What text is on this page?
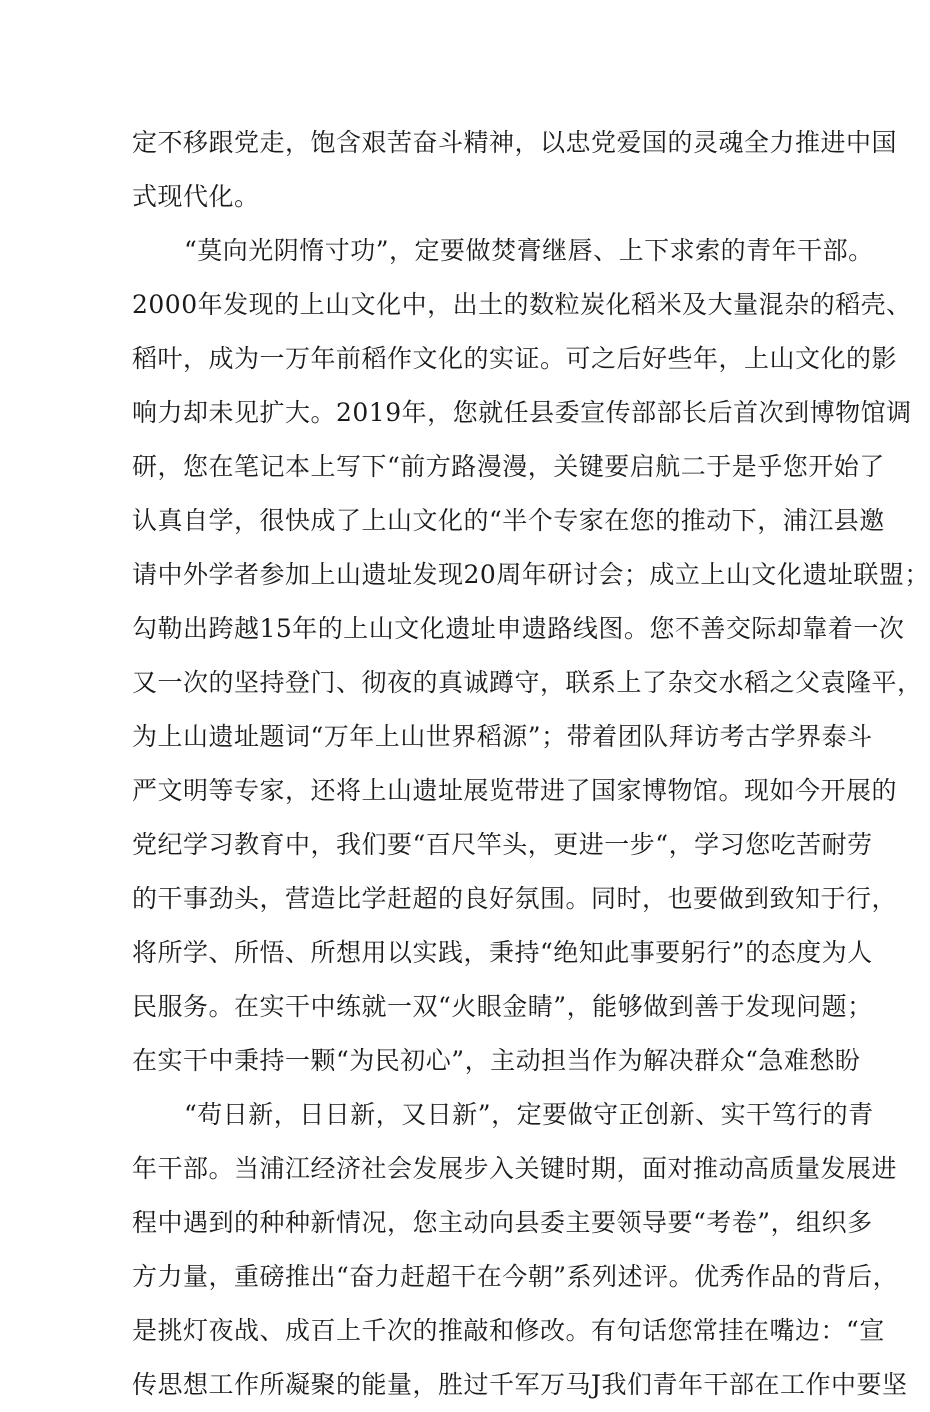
定不移跟党走，饱含艰苦奋斗精神，以忠党爱国的灵魂全力推进中国
式现代化。
“莫向光阴惰寸功”，定要做焚膏继唇、上下求索的青年干部。
2000年发现的上山文化中，出土的数粒炭化稻米及大量混杂的稻壳、
稻叶，成为一万年前稻作文化的实证。可之后好些年，上山文化的影
响力却未见扩大。2019年，您就任县委宣传部部长后首次到博物馆调
研，您在笔记本上写下“前方路漫漫，关键要启航二于是乎您开始了
认真自学，很快成了上山文化的“半个专家在您的推动下，浦江县邀
请中外学者参加上山遗址发现20周年研讨会；成立上山文化遗址联盟；
勾勒出跨越15年的上山文化遗址申遗路线图。您不善交际却靠着一次
又一次的坚持登门、彻夜的真诚蹲守，联系上了杂交水稻之父袁隆平，
为上山遗址题词“万年上山世界稻源”；带着团队拜访考古学界泰斗
严文明等专家，还将上山遗址展览带进了国家博物馆。现如今开展的
党纪学习教育中，我们要“百尺竿头，更进一步“，学习您吃苦耐劳
的干事劲头，营造比学赶超的良好氛围。同时，也要做到致知于行，
将所学、所悟、所想用以实践，秉持“绝知此事要躬行”的态度为人
民服务。在实干中练就一双“火眼金睛”，能够做到善于发现问题；
在实干中秉持一颗“为民初心”，主动担当作为解决群众“急难愁盼
“苟日新，日日新，又日新”，定要做守正创新、实干笃行的青
年干部。当浦江经济社会发展步入关键时期，面对推动高质量发展进
程中遇到的种种新情况，您主动向县委主要领导要“考卷”，组织多
方力量，重磅推出“奋力赶超干在今朝”系列述评。优秀作品的背后，
是挑灯夜战、成百上千次的推敲和修改。有句话您常挂在嘴边：“宣
传思想工作所凝聚的能量，胜过千军万马J我们青年干部在工作中要坚
